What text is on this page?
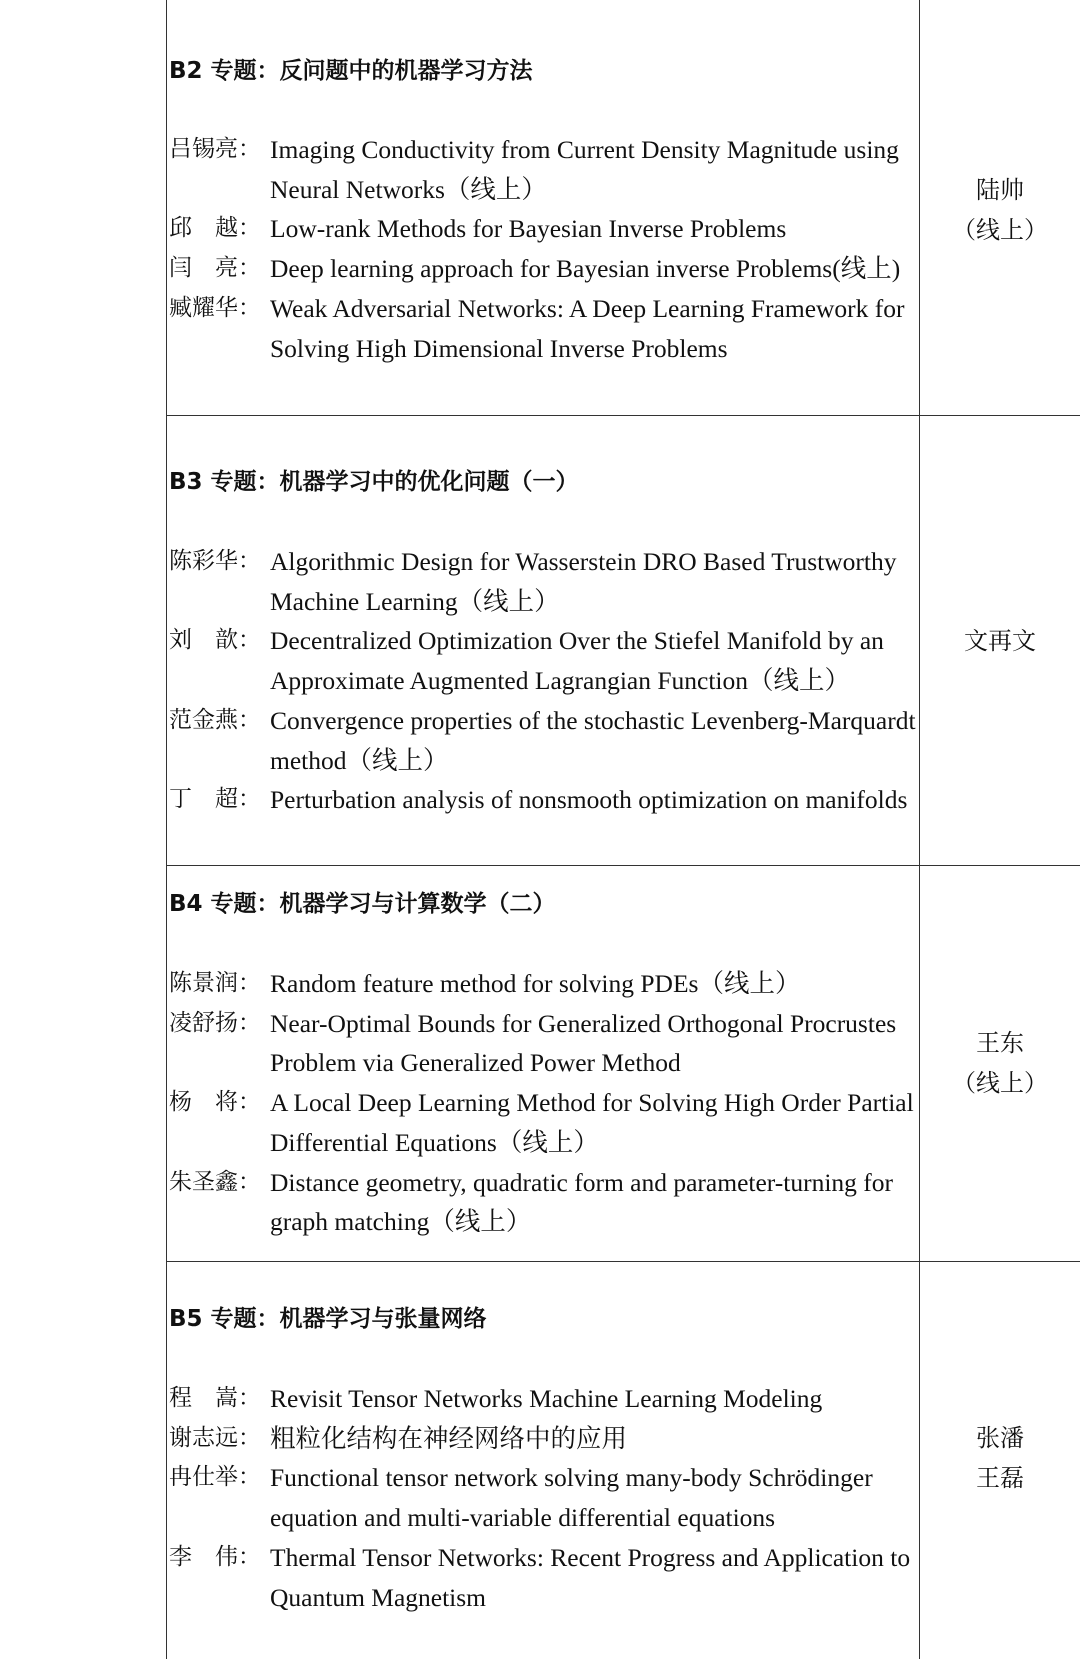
B2 专题：反问题中的机器学习方法
吕锡亮： Imaging Conductivity from Current Density Magnitude using Neural Networks（线上）
邱　越： Low-rank Methods for Bayesian Inverse Problems
闫　亮： Deep learning approach for Bayesian inverse Problems(线上)
臧耀华： Weak Adversarial Networks: A Deep Learning Framework for Solving High Dimensional Inverse Problems
陆帅
（线上）
B3 专题：机器学习中的优化问题（一）
陈彩华： Algorithmic Design for Wasserstein DRO Based Trustworthy Machine Learning（线上）
刘　歆： Decentralized Optimization Over the Stiefel Manifold by an Approximate Augmented Lagrangian Function（线上）
范金燕： Convergence properties of the stochastic Levenberg-Marquardt method（线上）
丁　超： Perturbation analysis of nonsmooth optimization on manifolds
文再文
B4 专题：机器学习与计算数学（二）
陈景润： Random feature method for solving PDEs（线上）
凌舒扬： Near-Optimal Bounds for Generalized Orthogonal Procrustes Problem via Generalized Power Method
杨　将： A Local Deep Learning Method for Solving High Order Partial Differential Equations（线上）
朱圣鑫： Distance geometry, quadratic form and parameter-turning for graph matching（线上）
王东
（线上）
B5 专题：机器学习与张量网络
程　嵩： Revisit Tensor Networks Machine Learning Modeling
谢志远： 粗粒化结构在神经网络中的应用
冉仕举： Functional tensor network solving many-body Schrödinger equation and multi-variable differential equations
李　伟： Thermal Tensor Networks: Recent Progress and Application to Quantum Magnetism
张潘
王磊
